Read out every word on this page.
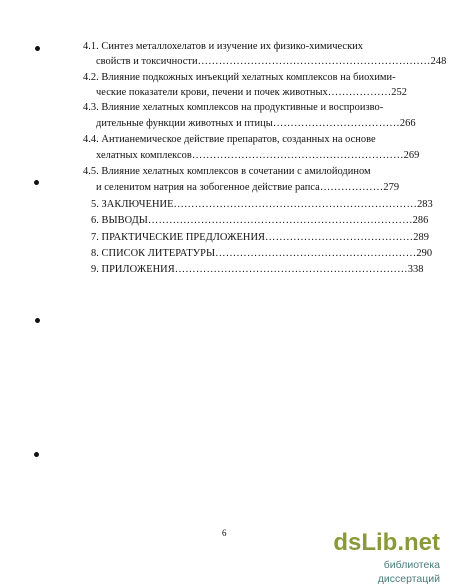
4.1. Синтез металлохелатов и изучение их физико-химических
свойств и токсичности…………………………………………………………248
4.2. Влияние подкожных инъекций хелатных комплексов на биохими-
ческие показатели крови, печени и почек животных………………252
4.3. Влияние хелатных комплексов на продуктивные и воспроизво-
дительные функции животных и птицы………………………………266
4.4. Антианемическое действие препаратов, созданных на основе
хелатных комплексов……………………………………………………269
4.5. Влияние хелатных комплексов в сочетании с амилойодином
и селенитом натрия на зобогенное действие рапса………………279
5. ЗАКЛЮЧЕНИЕ……………………………………………………………283
6. ВЫВОДЫ…………………………………………………………………286
7. ПРАКТИЧЕСКИЕ ПРЕДЛОЖЕНИЯ……………………………………289
8. СПИСОК ЛИТЕРАТУРЫ…………………………………………………290
9. ПРИЛОЖЕНИЯ…………………………………………………………338
6	dsLib.net
библиотека диссертаций
